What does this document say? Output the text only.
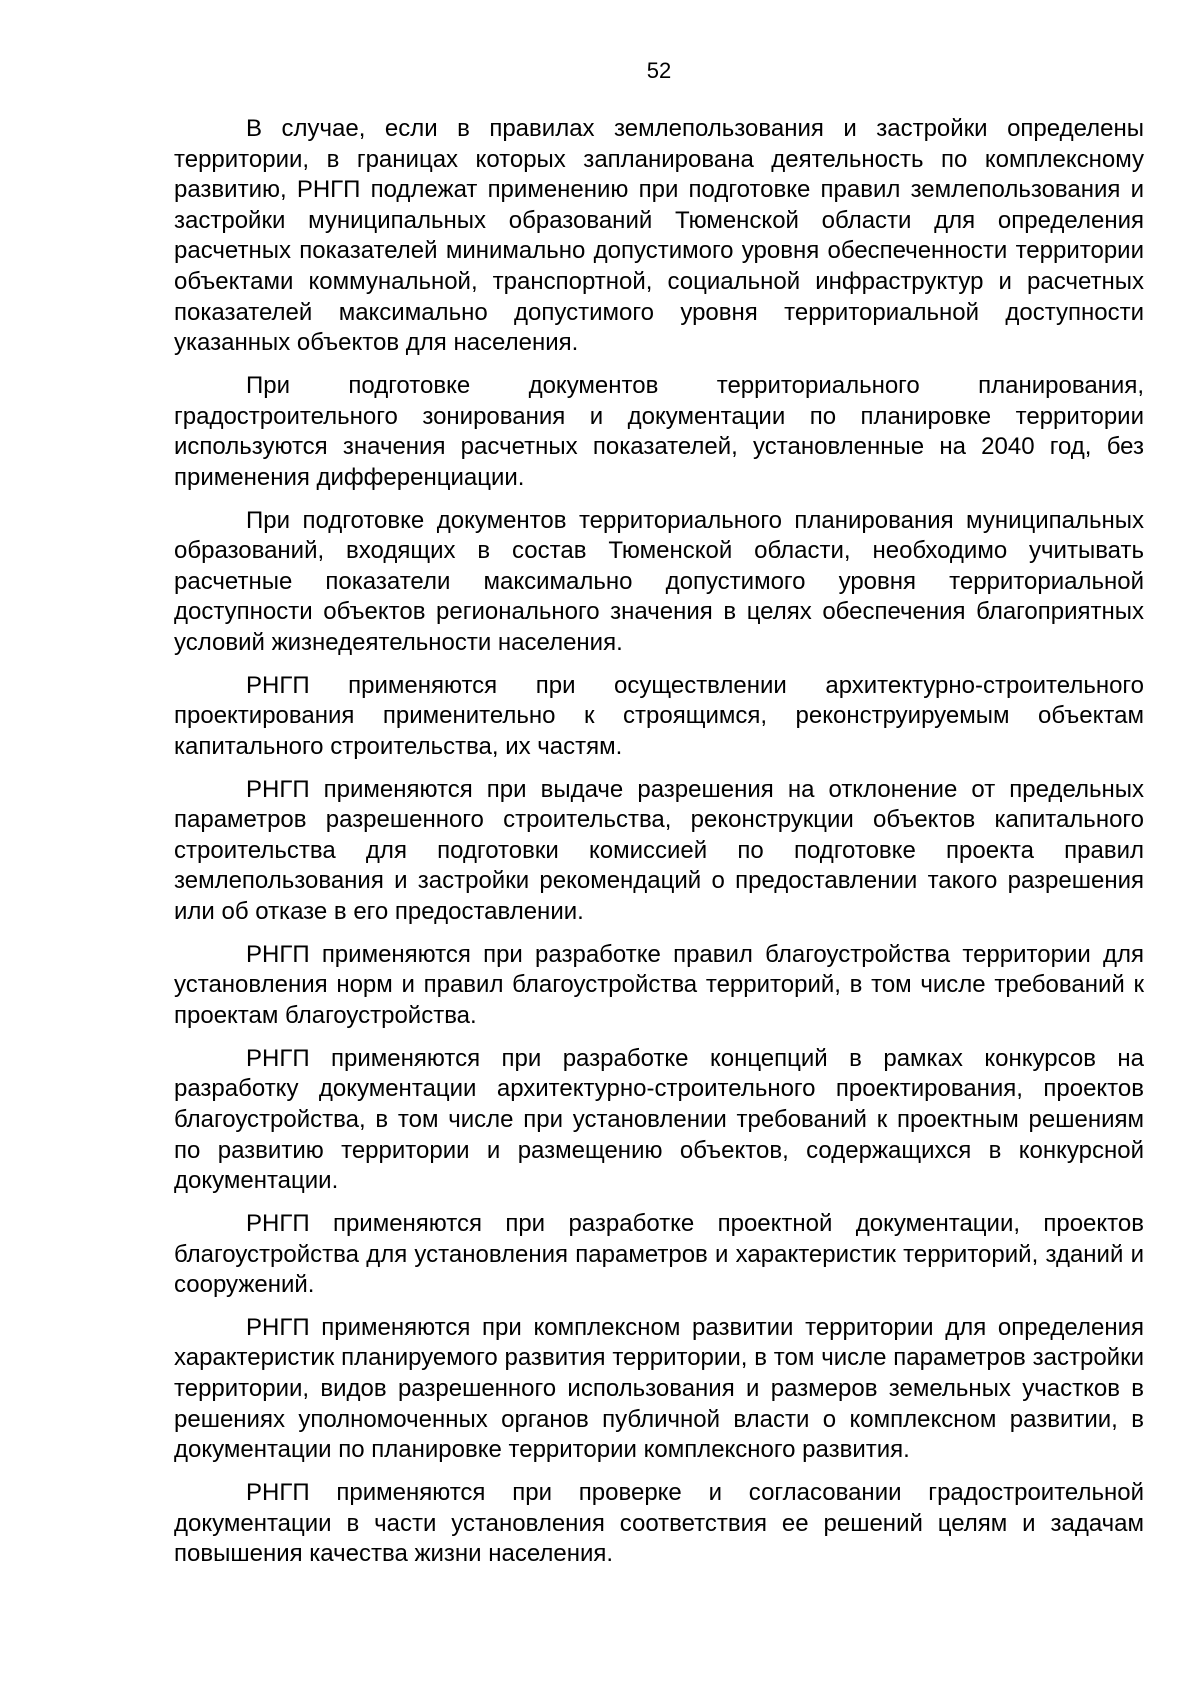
52

В случае, если в правилах землепользования и застройки определены территории, в границах которых запланирована деятельность по комплексному развитию, РНГП подлежат применению при подготовке правил землепользования и застройки муниципальных образований Тюменской области для определения расчетных показателей минимально допустимого уровня обеспеченности территории объектами коммунальной, транспортной, социальной инфраструктур и расчетных показателей максимально допустимого уровня территориальной доступности указанных объектов для населения.

При подготовке документов территориального планирования, градостроительного зонирования и документации по планировке территории используются значения расчетных показателей, установленные на 2040 год, без применения дифференциации.

При подготовке документов территориального планирования муниципальных образований, входящих в состав Тюменской области, необходимо учитывать расчетные показатели максимально допустимого уровня территориальной доступности объектов регионального значения в целях обеспечения благоприятных условий жизнедеятельности населения.

РНГП применяются при осуществлении архитектурно-строительного проектирования применительно к строящимся, реконструируемым объектам капитального строительства, их частям.

РНГП применяются при выдаче разрешения на отклонение от предельных параметров разрешенного строительства, реконструкции объектов капитального строительства для подготовки комиссией по подготовке проекта правил землепользования и застройки рекомендаций о предоставлении такого разрешения или об отказе в его предоставлении.

РНГП применяются при разработке правил благоустройства территории для установления норм и правил благоустройства территорий, в том числе требований к проектам благоустройства.

РНГП применяются при разработке концепций в рамках конкурсов на разработку документации архитектурно-строительного проектирования, проектов благоустройства, в том числе при установлении требований к проектным решениям по развитию территории и размещению объектов, содержащихся в конкурсной документации.

РНГП применяются при разработке проектной документации, проектов благоустройства для установления параметров и характеристик территорий, зданий и сооружений.

РНГП применяются при комплексном развитии территории для определения характеристик планируемого развития территории, в том числе параметров застройки территории, видов разрешенного использования и размеров земельных участков в решениях уполномоченных органов публичной власти о комплексном развитии, в документации по планировке территории комплексного развития.

РНГП применяются при проверке и согласовании градостроительной документации в части установления соответствия ее решений целям и задачам повышения качества жизни населения.
